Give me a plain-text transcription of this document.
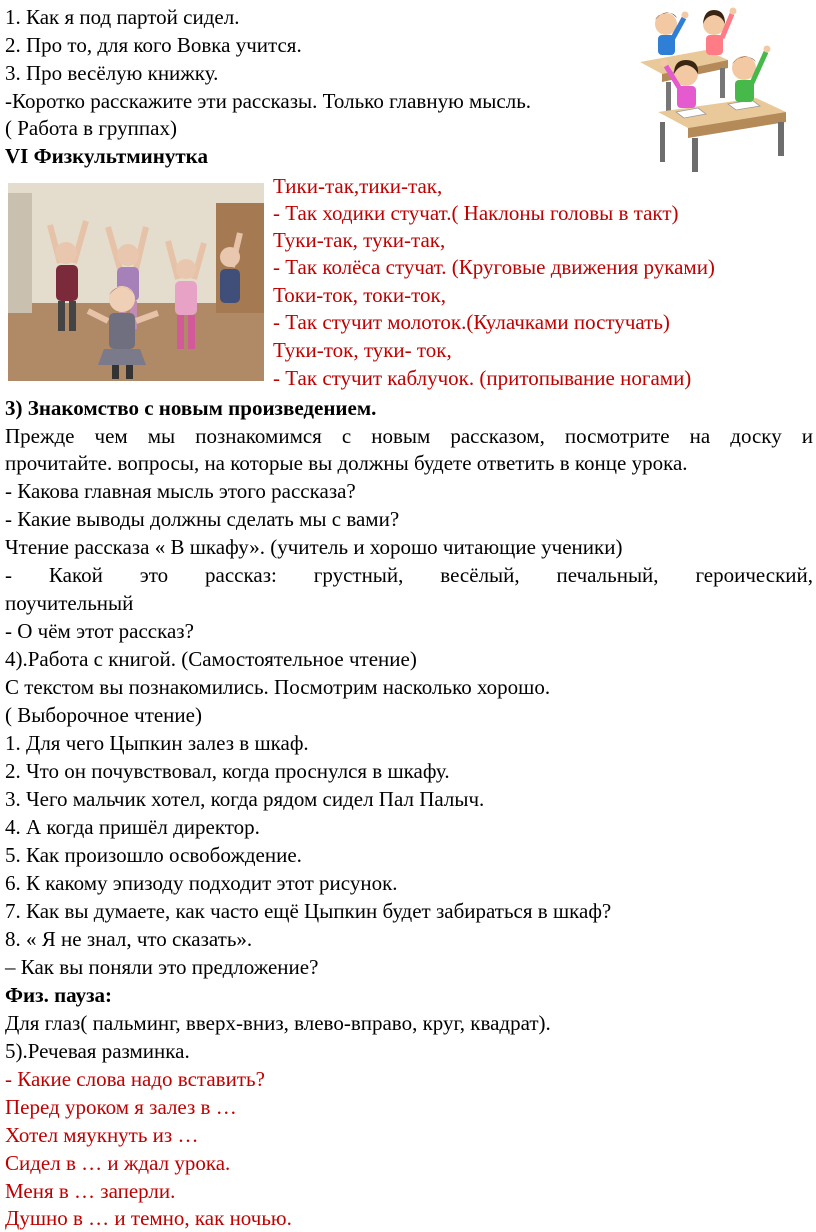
1. Как я под партой сидел.
2. Про то, для кого Вовка учится.
3. Про весёлую книжку.
-Коротко расскажите эти рассказы. Только главную мысль.
( Работа в группах)
VI Физкультминутка
Тики-так,тики-так,
- Так ходики стучат.( Наклоны головы в такт)
Туки-так, туки-так,
- Так колёса стучат. (Круговые движения руками)
Токи-ток, токи-ток,
- Так стучит молоток.(Кулачками постучать)
Туки-ток, туки- ток,
- Так стучит каблучок. (притопывание ногами)
3) Знакомство с новым произведением.
Прежде чем мы познакомимся с новым рассказом, посмотрите на доску и
прочитайте. вопросы, на которые вы должны будете ответить в конце урока.
- Какова главная мысль этого рассказа?
- Какие выводы должны сделать мы с вами?
Чтение рассказа « В шкафу». (учитель и хорошо читающие ученики)
- Какой это рассказ: грустный, весёлый, печальный, героический,
поучительный
- О чём этот рассказ?
4).Работа с книгой. (Самостоятельное чтение)
С текстом вы познакомились. Посмотрим насколько хорошо.
( Выборочное чтение)
1. Для чего Цыпкин залез в шкаф.
2. Что он почувствовал, когда проснулся в шкафу.
3. Чего мальчик хотел, когда рядом сидел Пал Палыч.
4. А когда пришёл директор.
5. Как произошло освобождение.
6. К какому эпизоду подходит этот рисунок.
7. Как вы думаете, как часто ещё Цыпкин будет забираться в шкаф?
8. « Я не знал, что сказать».
– Как вы поняли это предложение?
Физ. пауза:
Для глаз( пальминг, вверх-вниз, влево-вправо, круг, квадрат).
5).Речевая разминка.
- Какие слова надо вставить?
Перед уроком я залез в …
Хотел мяукнуть из …
Сидел в … и ждал урока.
Меня в … заперли.
Душно в … и темно, как ночью.
